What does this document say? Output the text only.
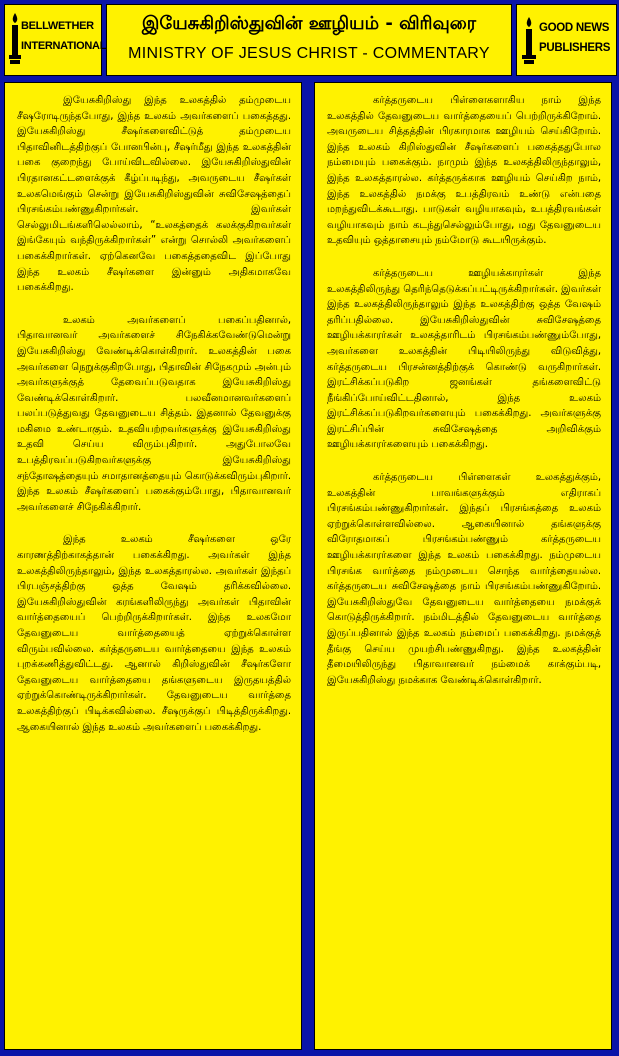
BELLWETHER
INTERNATIONAL
இயேசுகிறிஸ்துவின் ஊழியம் - விரிவுரை
MINISTRY OF JESUS CHRIST - COMMENTARY
GOOD NEWS
PUBLISHERS

இயேசுகிறிஸ்து இந்த உலகத்தில் தம்முடைய சீஷரோடிருந்தபோது, இந்த உலகம் அவர்களைப் பகைத்தது. இயேசுகிறிஸ்து சீஷர்களைவிட்டுத் தம்முடைய பிதாவினிடத்திற்குப் போனபின்பு, சீஷர்மீது இந்த உலகத்தின் பகை குறைந்து போய்விடவில்லை. இயேசுகிறிஸ்துவின் பிரதானகட்டளைக்குக் கீழ்ப்படிந்து, அவருடைய சீஷர்கள் உலகமெங்கும் சென்று இயேசுகிறிஸ்துவின் சுவிசேஷத்தைப் பிரசங்கம்பண்ணுகிறார்கள். இவர்கள் செல்லுமிடங்களிலெல்லாம், “உலகத்தைக் கலக்குகிறவர்கள் இங்கேயும் வந்திருக்கிறார்கள்” என்று சொல்லி அவர்களைப் பகைக்கிறார்கள். ஏற்கெனவே பகைத்ததைவிட இப்போது இந்த உலகம் சீஷர்களை இன்னும் அதிகமாகவே பகைக்கிறது.

உலகம் அவர்களைப் பகைப்பதினால், பிதாவானவர் அவர்களைச் சிநேகிக்கவேண்டுமென்று இயேசுகிறிஸ்து வேண்டிக்கொள்கிறார். உலகத்தின் பகை அவர்களை நெறுக்குகிறபோது, பிதாவின் சிநேகமும் அன்பும் அவர்களுக்குத் தேவைப்படுவதாக இயேசுகிறிஸ்து வேண்டிக்கொள்கிறார். பலவீனமானவர்களைப் பலப்படுத்துவது தேவனுடைய சித்தம். இதனால் தேவனுக்கு மகிமை உண்டாகும். உதவியற்றவர்களுக்கு இயேசுகிறிஸ்து உதவி செய்ய விரும்புகிறார். அதுபோலவே உபத்திரவப்படுகிறவர்களுக்கு இயேசுகிறிஸ்து சந்தோஷத்தையும் சமாதானத்தையும் கொடுக்கவிரும்புகிறார். இந்த உலகம் சீஷர்களைப் பகைக்கும்போது, பிதாவானவர் அவர்களைச் சிநேகிக்கிறார்.

இந்த உலகம் சீஷர்களை ஒரே காரணத்திற்காகத்தான் பகைக்கிறது. அவர்கள் இந்த உலகத்திலிருந்தாலும், இந்த உலகத்தாரல்ல. அவர்கள் இந்தப் பிரபஞ்சத்திற்கு ஒத்த வேஷம் தரிக்கவில்லை. இயேசுகிறிஸ்துவின் கரங்களிலிருந்து அவர்கள் பிதாவின் வார்த்தையைப் பெற்றிருக்கிறார்கள். இந்த உலகமோ தேவனுடைய வார்த்தையைத் ஏற்றுக்கொள்ள விரும்பவில்லை. கர்த்தருடைய வார்த்தையை இந்த உலகம் புறக்கணித்துவிட்டது. ஆனால் கிறிஸ்துவின் சீஷர்களோ தேவனுடைய வார்த்தையை தங்களுடைய இருதயத்தில் ஏற்றுக்கொண்டிருக்கிறார்கள். தேவனுடைய வார்த்தை உலகத்திற்குப் பிடிக்கவில்லை. சீஷருக்குப் பிடித்திருக்கிறது. ஆகையினால் இந்த உலகம் அவர்களைப் பகைக்கிறது.

கர்த்தருடைய பிள்ளைகளாகிய நாம் இந்த உலகத்தில் தேவனுடைய வார்த்தையைப் பெற்றிருக்கிறோம். அவருடைய சித்தத்தின் பிரகாரமாக ஊழியம் செய்கிறோம். இந்த உலகம் கிறிஸ்துவின் சீஷர்களைப் பகைத்ததுபோல நம்மையும் பகைக்கும். நாமும் இந்த உலகத்திலிருந்தாலும், இந்த உலகத்தாரல்ல. கர்த்தருக்காக ஊழியம் செய்கிற நாம், இந்த உலகத்தில் நமக்கு உபத்திரவம் உண்டு என்பதை மறந்துவிடக்கூடாது. பாடுகள் வழியாகவும், உபத்திரவங்கள் வழியாகவும் நாம் கடந்துசெல்லும்போது, மது தேவனுடைய உதவியும் ஒத்தாசையும் நம்மோடு கூடயிருக்கும்.

கர்த்தருடைய ஊழியக்காரர்கள் இந்த உலகத்திலிருந்து தெரிந்தெடுக்கப்பட்டிருக்கிறார்கள். இவர்கள் இந்த உலகத்திலிருந்தாலும் இந்த உலகத்திற்கு ஒத்த வேஷம் தரிப்பதில்லை. இயேசுகிறிஸ்துவின் சுவிசேஷத்தை ஊழியக்காரர்கள் உலகத்தாரிடம் பிரசங்கம்பண்ணும்போது, அவர்களை உலகத்தின் பிடியிலிருந்து விடுவித்து, கர்த்தருடைய பிரசன்னத்திற்குக் கொண்டு வருகிறார்கள். இரட்சிக்கப்படுகிற ஜனங்கள் தங்களைவிட்டு நீங்கிப்போய்விட்டதினால், இந்த உலகம் இரட்சிக்கப்படுகிறவர்களையும் பகைக்கிறது. அவர்களுக்கு இரட்சிப்பின் சுவிசேஷத்தை அறிவிக்கும் ஊழியக்காரர்களையும் பகைக்கிறது.

கர்த்தருடைய பிள்ளைகள் உலகத்துக்கும், உலகத்தின் பாவங்களுக்கும் எதிராகப் பிரசங்கம்பண்ணுகிறார்கள். இந்தப் பிரசங்கத்தை உலகம் ஏற்றுக்கொள்ளவில்லை. ஆகையினால் தங்களுக்கு விரோதமாகப் பிரசங்கம்பண்ணும் கர்த்தருடைய ஊழியக்காரர்களை இந்த உலகம் பகைக்கிறது. நம்முடைய பிரசங்க வார்த்தை நம்முடைய சொந்த வார்த்தையல்ல. கர்த்தருடைய சுவிசேஷத்தை நாம் பிரசங்கம்பண்ணுகிறோம். இயேசுகிறிஸ்துவே தேவனுடைய வார்த்தையை நமக்குக் கொடுத்திருக்கிறார். நம்மிடத்தில் தேவனுடைய வார்த்தை இருப்பதினால் இந்த உலகம் நம்மைப் பகைக்கிறது. நமக்குத் தீங்கு செய்ய முயற்சிபண்ணுகிறது. இந்த உலகத்தின் தீமையிலிருந்து பிதாவானவர் நம்மைக் காக்கும்படி, இயேசுகிறிஸ்து நமக்காக வேண்டிக்கொள்கிறார்.
